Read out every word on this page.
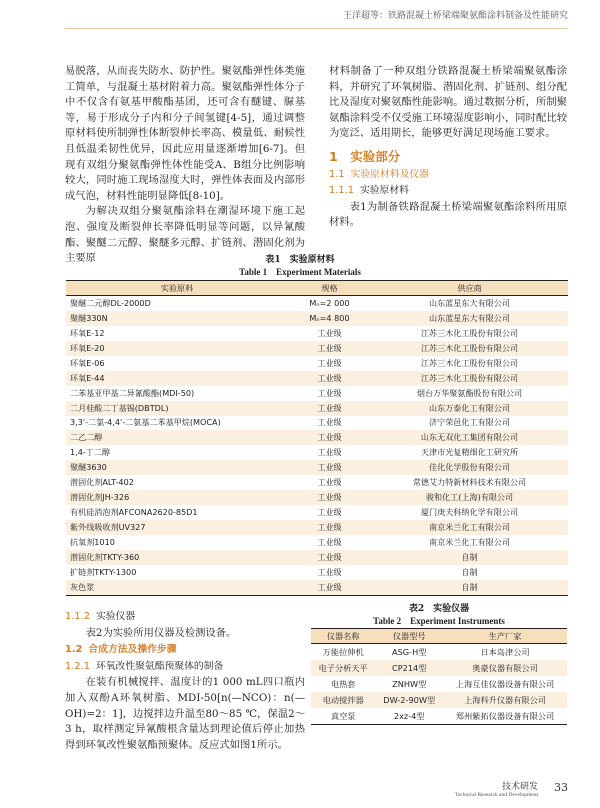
王洋超等：铁路混凝土桥梁端聚氨酯涂料制备及性能研究

易脱落，从而丧失防水、防护性。聚氨酯弹性体类施工简单，与混凝土基材附着力高。聚氨酯弹性体分子中不仅含有氨基甲酸酯基团，还可含有醚键、脲基等，易于形成分子内和分子间氢键[4-5]，通过调整原材料使所制弹性体断裂伸长率高、模量低、耐候性且低温柔韧性优异，因此应用量逐渐增加[6-7]。但现有双组分聚氨酯弹性体性能受A、B组分比例影响较大，同时施工现场湿度大时，弹性体表面及内部形成气泡，材料性能明显降低[8-10]。

为解决双组分聚氨酯涂料在潮湿环境下施工起泡、强度及断裂伸长率降低明显等问题，以异氰酸酯、聚醚二元醇、聚醚多元醇、扩链剂、潜固化剂为主要原

材料制备了一种双组分铁路混凝土桥梁端聚氨酯涂料，并研究了环氧树脂、潜固化剂、扩链剂、组分配比及湿度对聚氨酯性能影响。通过数据分析，所制聚氨酯涂料受不仅受施工环境湿度影响小，同时配比较为宽泛、适用期长，能够更好满足现场施工要求。

1　 实验部分
1.1 实验原材料及仪器
1.1.1 实验原材料

表1为制备铁路混凝土桥梁端聚氨酯涂料所用原材料。

表1　实验原材料
Table 1　Experiment Materials
实验原料	规格	供应商
聚醚二元醇DL-2000D	Mₙ=2 000	山东蓝星东大有限公司
聚醚330N	Mₙ=4 800	山东蓝星东大有限公司
环氧E-12	工业级	江苏三木化工股份有限公司
环氧E-20	工业级	江苏三木化工股份有限公司
环氧E-06	工业级	江苏三木化工股份有限公司
环氧E-44	工业级	江苏三木化工股份有限公司
二苯基亚甲基二异氰酸酯(MDI-50)	工业级	烟台万华聚氨酯股份有限公司
二月桂酸二丁基锡(DBTDL)	工业级	山东万泰化工有限公司
3,3'-二氯-4,4'-二氨基二苯基甲烷(MOCA)	工业级	济宁荣邑化工有限公司
二乙二醇	工业级	山东无双化工集团有限公司
1,4-丁二醇	工业级	天津市光复精细化工研究所
聚醚3630	工业级	佳化化学股份有限公司
潜固化剂ALT-402	工业级	常德艾力特新材料技术有限公司
潜固化剂JH-326	工业级	骏和化工(上海)有限公司
有机硅消泡剂AFCONA2620-85D1	工业级	厦门庚夫科纳化学有限公司
紫外线吸收剂UV327	工业级	南京米兰化工有限公司
抗氧剂1010	工业级	南京米兰化工有限公司
潜固化剂TKTY-360	工业级	自制
扩链剂TKTY-1300	工业级	自制
灰色浆	工业级	自制
1.1.2 实验仪器

表2为实验所用仪器及检测设备。

1.2 合成方法及操作步骤
1.2.1 环氧改性聚氨酯预聚体的制备

在装有机械搅拌、温度计的1 000 mL四口瓶内加入双酚A环氧树脂、MDI-50[n(—NCO)：n(—OH)=2：1]，边搅拌边升温至80～85 ℃，保温2～3 h，取样测定异氰酸根含量达到理论值后停止加热得到环氧改性聚氨酯预聚体。反应式如图1所示。

表2　实验仪器
Table 2　Experiment Instruments
仪器名称	仪器型号	生产厂家
万能拉伸机	ASG-H型	日本岛津公司
电子分析天平	CP214型	奥豪仪器有限公司
电热套	ZNHW型	上海互佳仪器设备有限公司
电动搅拌器	DW-2-90W型	上海科升仪器有限公司
真空泵	2xz-4型	郑州紫拓仪器设备有限公司
技术研发
Technical Research and Development
33
